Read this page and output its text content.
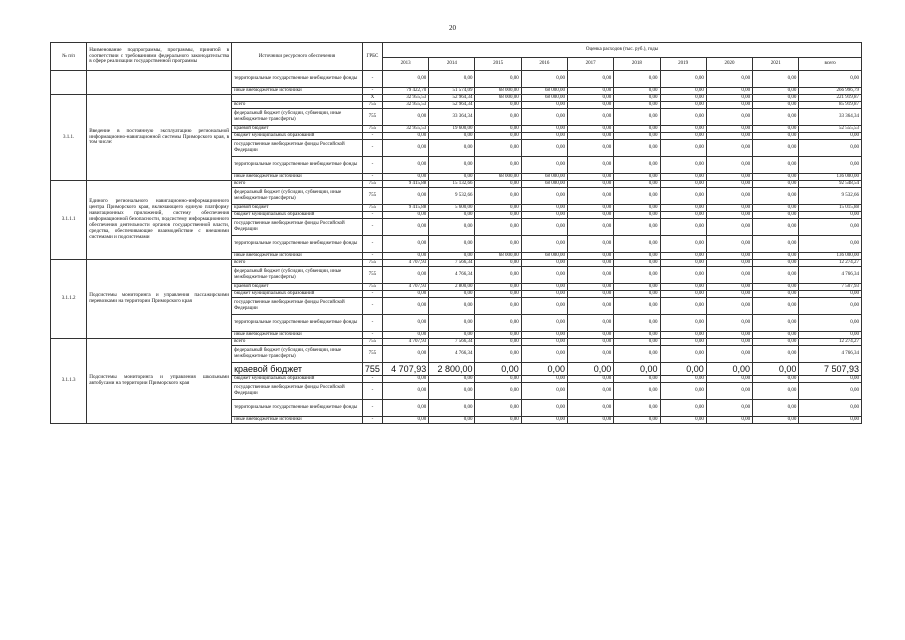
20
№ п/п	Наименование подпрограммы, программы, принятой в соответствии с требованиями федерального законодательства в сфере реализации государственной программы	Источники ресурсного обеспечения	ГРБС	Оценка расходов (тыс. руб.), годы									
				2013	2014	2015	2016	2017	2018	2019	2020	2021	всего
		территориальные государственные внебюджетные фонды	-	0,00	0,00	0,00	0,00	0,00	0,00	0,00	0,00	0,00	0,00
		иные внебюджетные источники	-	79 422,70	51 574,09	68 000,00	68 000,00	0,00	0,00	0,00	0,00	0,00	266 996,79
3.1.1.	Введение в постоянную эксплуатацию региональной информационно-навигационной системы Приморского края, в том числе:		Х	32 955,53	52 964,34	68 000,00	68 000,00	0,00	0,00	0,00	0,00	0,00	221 919,87
		всего	755	32 955,53	52 964,34	0,00	0,00	0,00	0,00	0,00	0,00	0,00	85 919,87
		федеральный бюджет (субсидии, субвенции, иные межбюджетные трансферты)	755	0,00	33 364,34	0,00	0,00	0,00	0,00	0,00	0,00	0,00	33 364,34
		краевой бюджет	755	32 955,53	19 600,00	0,00	0,00	0,00	0,00	0,00	0,00	0,00	52 555,53
		бюджет муниципальных образований	-	0,00	0,00	0,00	0,00	0,00	0,00	0,00	0,00	0,00	0,00
		государственные внебюджетные фонды Российской Федерации	-	0,00	0,00	0,00	0,00	0,00	0,00	0,00	0,00	0,00	0,00
		территориальные государственные внебюджетные фонды	-	0,00	0,00	0,00	0,00	0,00	0,00	0,00	0,00	0,00	0,00
		иные внебюджетные источники	-	0,00	0,00	68 000,00	68 000,00	0,00	0,00	0,00	0,00	0,00	136 000,00
3.1.1.1	Единого регионального навигационно-информационного центра Приморского края, включающего единую платформу навигационных приложений, систему обеспечения информационной безопасности, подсистему информационного обеспечения деятельности органов государственной власти, средства, обеспечивающие взаимодействие с внешними системами и подсистемами	всего	755	9 415,88	15 132,66	0,00	68 000,00	0,00	0,00	0,00	0,00	0,00	92 548,54
		федеральный бюджет (субсидии, субвенции, иные межбюджетные трансферты)	755	0,00	9 532,66	0,00	0,00	0,00	0,00	0,00	0,00	0,00	9 532,66
		краевой бюджет	755	9 415,88	5 600,00	0,00	0,00	0,00	0,00	0,00	0,00	0,00	15 015,88
		бюджет муниципальных образований	-	0,00	0,00	0,00	0,00	0,00	0,00	0,00	0,00	0,00	0,00
		государственные внебюджетные фонды Российской Федерации	-	0,00	0,00	0,00	0,00	0,00	0,00	0,00	0,00	0,00	0,00
		территориальные государственные внебюджетные фонды	-	0,00	0,00	0,00	0,00	0,00	0,00	0,00	0,00	0,00	0,00
		иные внебюджетные источники	-	0,00	0,00	68 000,00	68 000,00	0,00	0,00	0,00	0,00	0,00	136 000,00
3.1.1.2	Подсистемы мониторинга и управления пассажирскими перевозками на территории Приморского края	всего	755	4 707,93	7 566,34	0,00	0,00	0,00	0,00	0,00	0,00	0,00	12 274,27
		федеральный бюджет (субсидии, субвенции, иные межбюджетные трансферты)	755	0,00	4 766,34	0,00	0,00	0,00	0,00	0,00	0,00	0,00	4 766,34
		краевой бюджет	755	4 707,93	2 800,00	0,00	0,00	0,00	0,00	0,00	0,00	0,00	7 507,93
		бюджет муниципальных образований	-	0,00	0,00	0,00	0,00	0,00	0,00	0,00	0,00	0,00	0,00
		государственные внебюджетные фонды Российской Федерации	-	0,00	0,00	0,00	0,00	0,00	0,00	0,00	0,00	0,00	0,00
		территориальные государственные внебюджетные фонды	-	0,00	0,00	0,00	0,00	0,00	0,00	0,00	0,00	0,00	0,00
		иные внебюджетные источники	-	0,00	0,00	0,00	0,00	0,00	0,00	0,00	0,00	0,00	0,00
3.1.1.3	Подсистемы мониторинга и управления школьными автобусами на территории Приморского края	всего	755	4 707,93	7 566,34	0,00	0,00	0,00	0,00	0,00	0,00	0,00	12 274,27
		федеральный бюджет (субсидии, субвенции, иные межбюджетные трансферты)	755	0,00	4 766,34	0,00	0,00	0,00	0,00	0,00	0,00	0,00	4 766,34
		краевой бюджет	755	4 707,93	2 800,00	0,00	0,00	0,00	0,00	0,00	0,00	0,00	7 507,93
		бюджет муниципальных образований	-	0,00	0,00	0,00	0,00	0,00	0,00	0,00	0,00	0,00	0,00
		государственные внебюджетные фонды Российской Федерации	-	0,00	0,00	0,00	0,00	0,00	0,00	0,00	0,00	0,00	0,00
		территориальные государственные внебюджетные фонды	-	0,00	0,00	0,00	0,00	0,00	0,00	0,00	0,00	0,00	0,00
		иные внебюджетные источники	-	0,00	0,00	0,00	0,00	0,00	0,00	0,00	0,00	0,00	0,00
